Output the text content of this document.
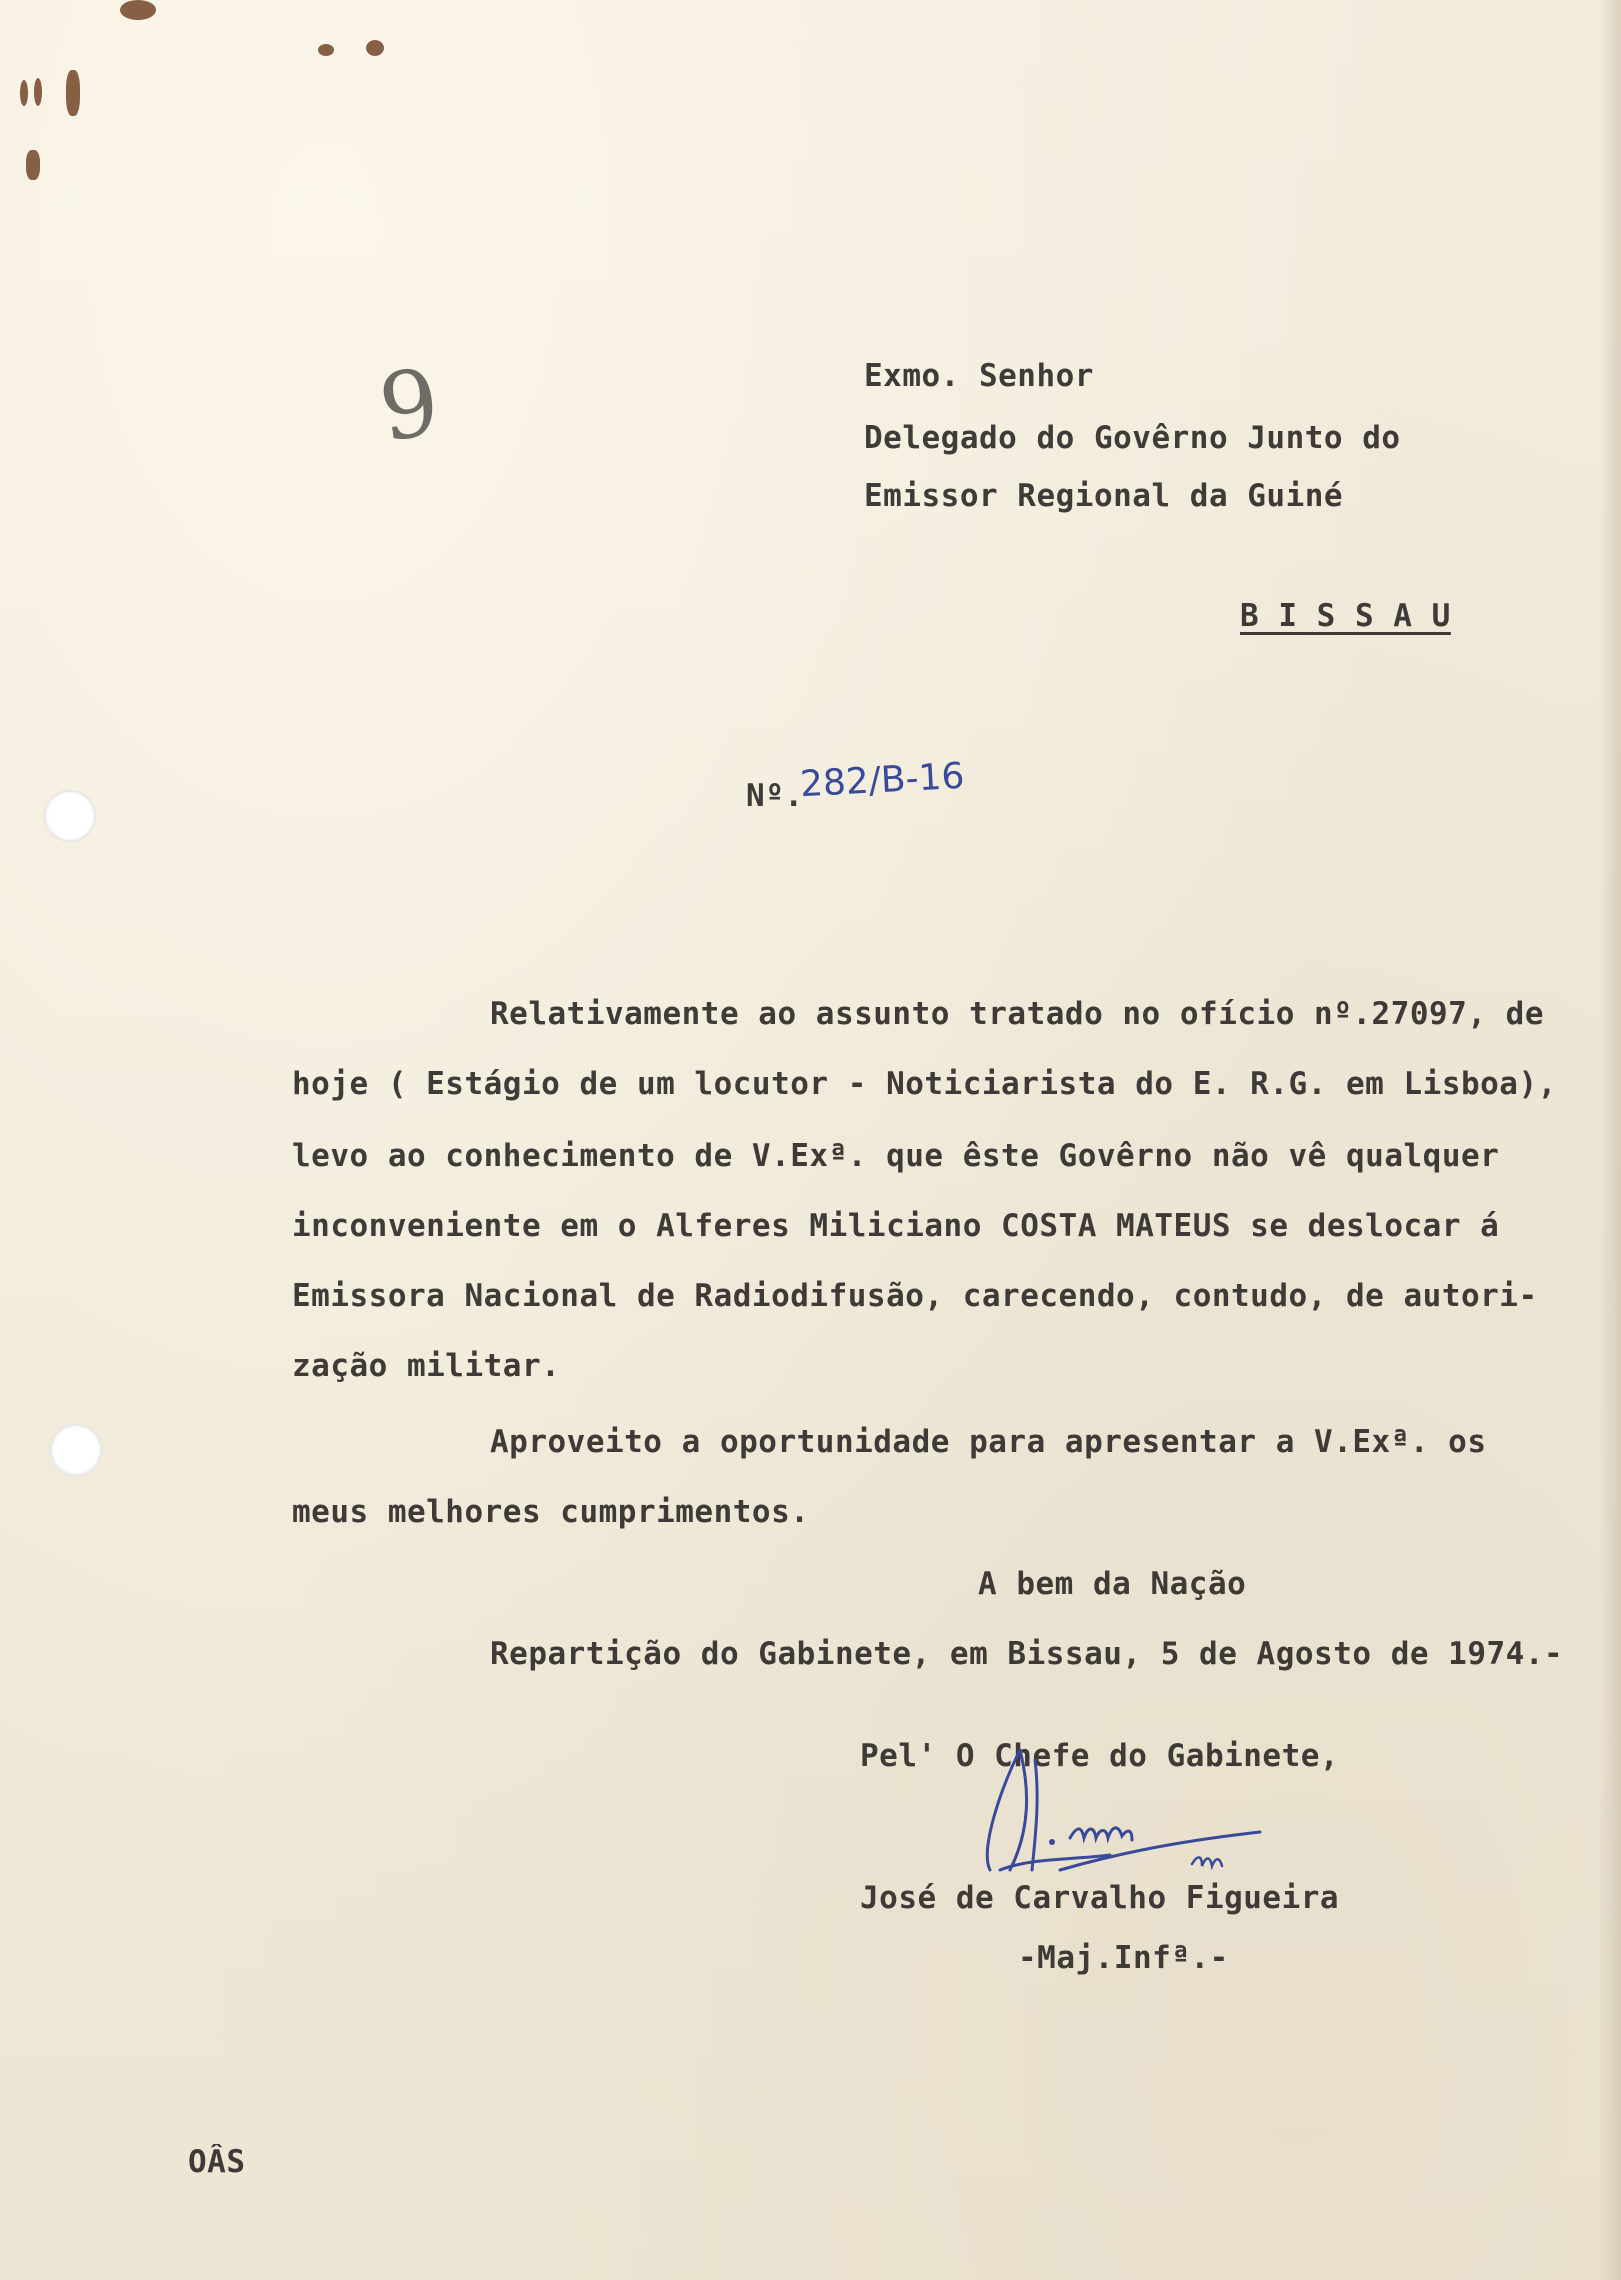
9	Exmo. Senhor
Delegado do Govêrno Junto do
Emissor Regional da Guiné
B I S S A U
Nº.
282/B-16
Relativamente ao assunto tratado no ofício nº.27097, de
hoje ( Estágio de um locutor - Noticiarista do E. R.G. em Lisboa),
levo ao conhecimento de V.Exª. que êste Govêrno não vê qualquer
inconveniente em o Alferes Miliciano COSTA MATEUS se deslocar á
Emissora Nacional de Radiodifusão, carecendo, contudo, de autori-
zação militar.
Aproveito a oportunidade para apresentar a V.Exª. os
meus melhores cumprimentos.
A bem da Nação
Repartição do Gabinete, em Bissau, 5 de Agosto de 1974.-
Pel' O Chefe do Gabinete,
José de Carvalho Figueira
-Maj.Infª.-
OÂS
